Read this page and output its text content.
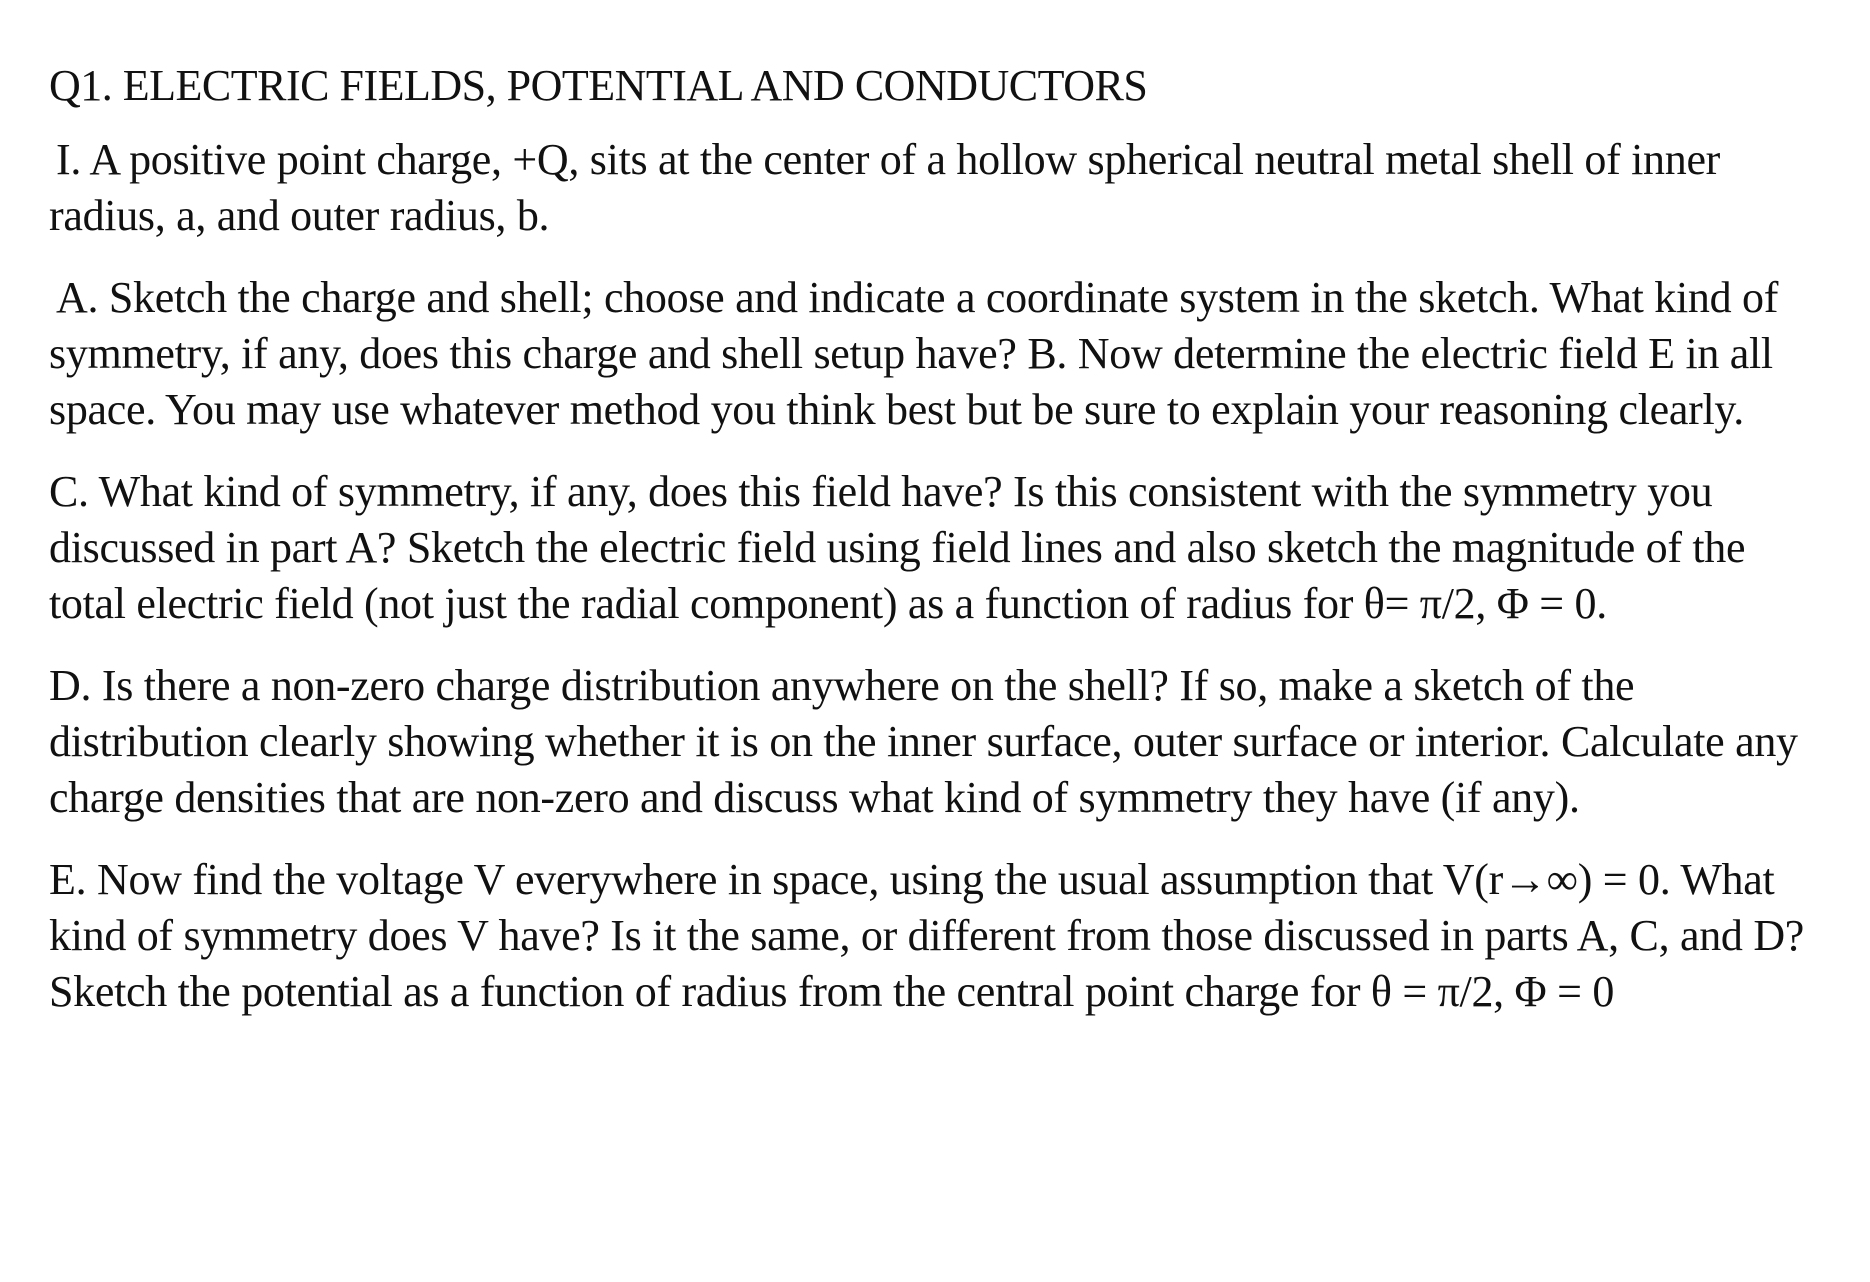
Q1. ELECTRIC FIELDS, POTENTIAL AND CONDUCTORS

I. A positive point charge, +Q, sits at the center of a hollow spherical neutral metal shell of inner radius, a, and outer radius, b.

A. Sketch the charge and shell; choose and indicate a coordinate system in the sketch. What kind of symmetry, if any, does this charge and shell setup have? B. Now determine the electric field E in all space. You may use whatever method you think best but be sure to explain your reasoning clearly.

C. What kind of symmetry, if any, does this field have? Is this consistent with the symmetry you discussed in part A? Sketch the electric field using field lines and also sketch the magnitude of the total electric field (not just the radial component) as a function of radius for θ= π/2, Φ = 0.

D. Is there a non-zero charge distribution anywhere on the shell? If so, make a sketch of the distribution clearly showing whether it is on the inner surface, outer surface or interior. Calculate any charge densities that are non-zero and discuss what kind of symmetry they have (if any).

E. Now find the voltage V everywhere in space, using the usual assumption that V(r→∞) = 0. What kind of symmetry does V have? Is it the same, or different from those discussed in parts A, C, and D? Sketch the potential as a function of radius from the central point charge for θ = π/2, Φ = 0
